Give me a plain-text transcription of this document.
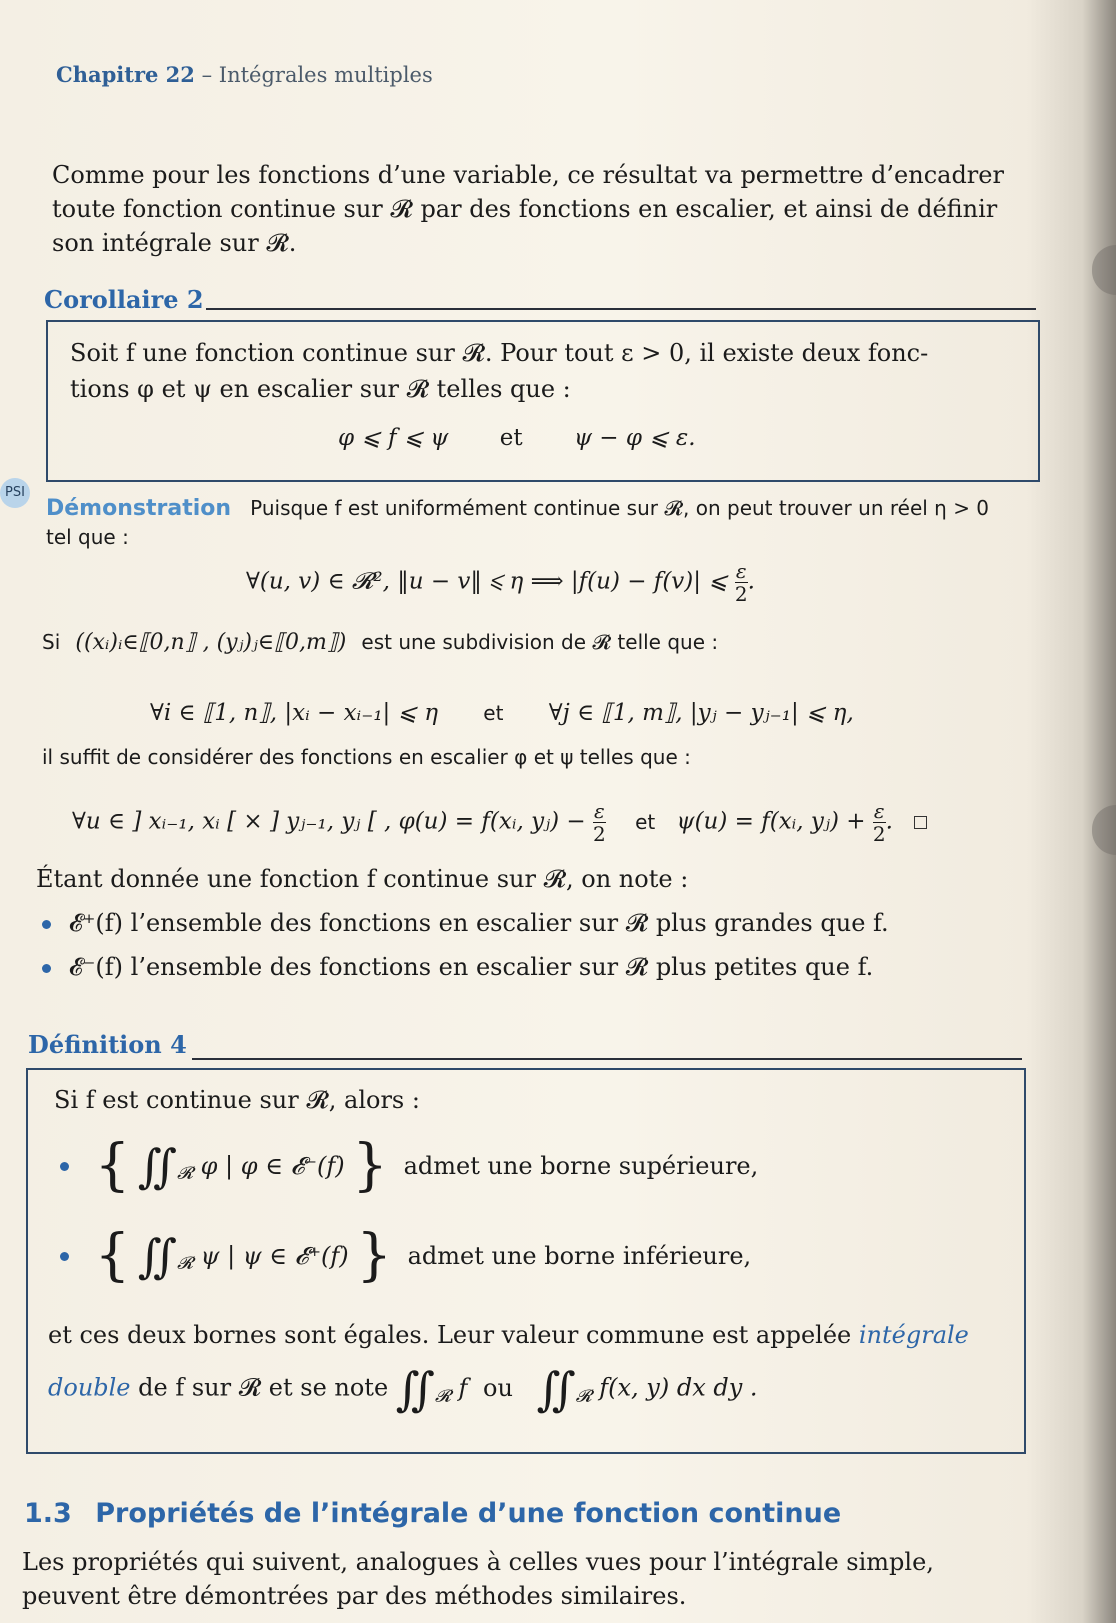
Chapitre 22 – Intégrales multiples
Comme pour les fonctions d’une variable, ce résultat va permettre d’encadrer
toute fonction continue sur 𝓡 par des fonctions en escalier, et ainsi de définir
son intégrale sur 𝓡.
Corollaire 2
Soit f une fonction continue sur 𝓡. Pour tout ε > 0, il existe deux fonc-
tions φ et ψ en escalier sur 𝓡 telles que :
φ ⩽ f ⩽ ψ et ψ − φ ⩽ ε.
PSI
Démonstration Puisque f est uniformément continue sur 𝓡, on peut trouver un réel η > 0
tel que :
∀(u, v) ∈ 𝓡², ‖u − v‖ ⩽ η ⟹ |f(u) − f(v)| ⩽ $\frac{\varepsilon}{2}$ .
Si ((xᵢ)ᵢ∈⟦0,n⟧ , (yⱼ)ⱼ∈⟦0,m⟧) est une subdivision de 𝓡 telle que :
∀i ∈ ⟦1, n⟧, |xᵢ − xᵢ₋₁| ⩽ η et ∀j ∈ ⟦1, m⟧, |yⱼ − yⱼ₋₁| ⩽ η,
il suffit de considérer des fonctions en escalier φ et ψ telles que :
∀u ∈ ] xᵢ₋₁, xᵢ [ × ] yⱼ₋₁, yⱼ [ , φ(u) = f(xᵢ, yⱼ) − $\frac{\varepsilon}{2}$ et ψ(u) = f(xᵢ, yⱼ) + $\frac{\varepsilon}{2}$ .
Étant donnée une fonction f continue sur 𝓡, on note :
𝓔⁺(f) l’ensemble des fonctions en escalier sur 𝓡 plus grandes que f.
𝓔⁻(f) l’ensemble des fonctions en escalier sur 𝓡 plus petites que f.
Définition 4
Si f est continue sur 𝓡, alors :
{ $∬_𝓡$ φ | φ ∈ 𝓔⁻(f) } admet une borne supérieure,
{ $∬_𝓡$ ψ | ψ ∈ 𝓔⁺(f) } admet une borne inférieure,
et ces deux bornes sont égales. Leur valeur commune est appelée intégrale
double de f sur 𝓡 et se note $∬_𝓡$ f ou $∬_𝓡$ f(x, y) dx dy .
1.3 Propriétés de l’intégrale d’une fonction continue
Les propriétés qui suivent, analogues à celles vues pour l’intégrale simple,
peuvent être démontrées par des méthodes similaires.
